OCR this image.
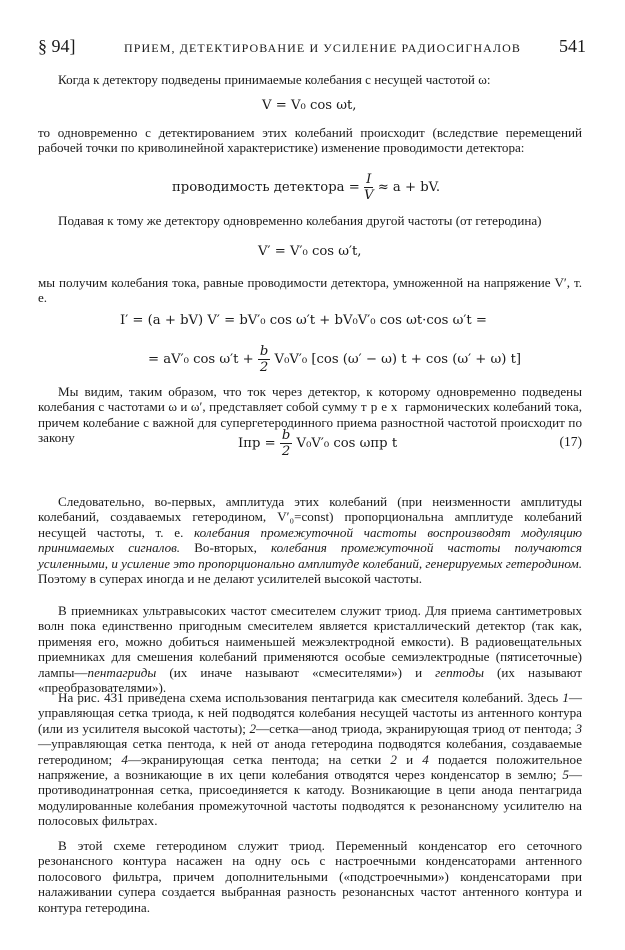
§ 94]	ПРИЕМ, ДЕТЕКТИРОВАНИЕ И УСИЛЕНИЕ РАДИОСИГНАЛОВ 541

Когда к детектору подведены принимаемые колебания с несущей частотой ω:

V = V₀ cos ωt,

то одновременно с детектированием этих колебаний происходит (вследствие перемещений рабочей точки по криволинейной характеристике) изменение проводимости детектора:

проводимость детектора = $\frac{I}{V} \approx a$ + bV.

Подавая к тому же детектору одновременно колебания другой частоты (от гетеродина)

V′ = V′₀ cos ω′t,

мы получим колебания тока, равные проводимости детектора, умноженной на напряжение V′, т. е.

I′ = (a + bV) V′ = bV′₀ cos ω′t + bV₀V′₀ cos ωt·cos ω′t =
= aV′₀ $\cos \omega't + \frac{b}{2} V_0V'_0$ [cos (ω′ − ω) t + cos (ω′ + ω) t]

Мы видим, таким образом, что ток через детектор, к которому одновременно подведены колебания с частотами ω и ω′, представляет собой сумму трех гармонических колебаний тока, причем колебание с важной для супергетеродинного приема разностной частотой происходит по закону	Iпр = $\frac{b}{2} V_0V'_0$ cos ωпр t	(17)

Следовательно, во-первых, амплитуда этих колебаний (при неизменности амплитуды колебаний, создаваемых гетеродином, V′₀=const) пропорциональна амплитуде колебаний несущей частоты, т. е. колебания промежуточной частоты воспроизводят модуляцию принимаемых сигналов. Во-вторых, колебания промежуточной частоты получаются усиленными, и усиление это пропорционально амплитуде колебаний, генерируемых гетеродином. Поэтому в суперах иногда и не делают усилителей высокой частоты.

В приемниках ультравысоких частот смесителем служит триод. Для приема сантиметровых волн пока единственно пригодным смесителем является кристаллический детектор (так как, применяя его, можно добиться наименьшей межэлектродной емкости). В радиовещательных приемниках для смешения колебаний применяются особые семиэлектродные (пятисеточные) лампы—пентагриды (их иначе называют «смесителями») и гептоды (их называют «преобразователями»).

На рис. 431 приведена схема использования пентагрида как смесителя колебаний. Здесь 1—управляющая сетка триода, к ней подводятся колебания несущей частоты из антенного контура (или из усилителя высокой частоты); 2—сетка—анод триода, экранирующая триод от пентода; 3—управляющая сетка пентода, к ней от анода гетеродина подводятся колебания, создаваемые гетеродином; 4—экранирующая сетка пентода; на сетки 2 и 4 подается положительное напряжение, а возникающие в их цепи колебания отводятся через конденсатор в землю; 5—противодинатронная сетка, присоединяется к катоду. Возникающие в цепи анода пентагрида модулированные колебания промежуточной частоты подводятся к резонансному усилителю на полосовых фильтрах.

В этой схеме гетеродином служит триод. Переменный конденсатор его сеточного резонансного контура насажен на одну ось с настроечными конденсаторами антенного полосового фильтра, причем дополнительными («подстроечными») конденсаторами при налаживании супера создается выбранная разность резонансных частот антенного контура и контура гетеродина.
